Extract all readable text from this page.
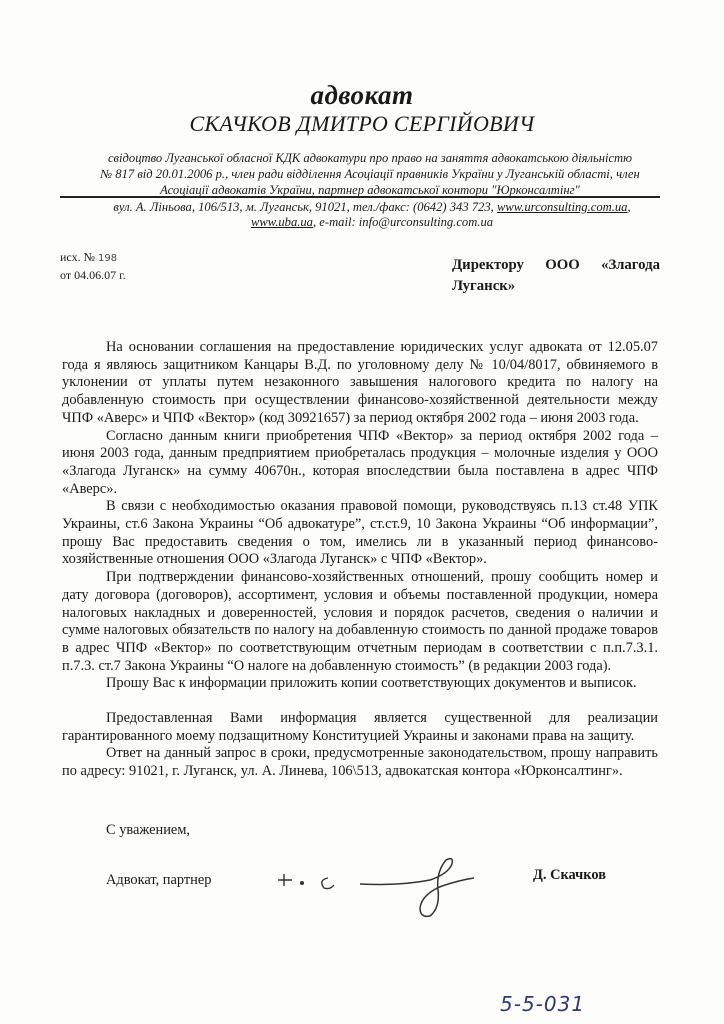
адвокат
СКАЧКОВ ДМИТРО СЕРГІЙОВИЧ
свідоцтво Луганської обласної КДК адвокатури про право на заняття адвокатською діяльністю
№ 817 від 20.01.2006 р., член ради відділення Асоціації правників України у Луганській області, член
Асоціації адвокатів України, партнер адвокатської контори "Юрконсалтінг"
вул. А. Ліньова, 106/513, м. Луганськ, 91021, тел./факс: (0642) 343 723, www.urconsulting.com.ua,
www.uba.ua, e-mail: info@urconsulting.com.ua
исх. № 198
от 04.06.07 г.
Директору ООО «Злагода
Луганск»

На основании соглашения на предоставление юридических услуг адвоката от 12.05.07 года я являюсь защитником Канцары В.Д. по уголовному делу № 10/04/8017, обвиняемого в уклонении от уплаты путем незаконного завышения налогового кредита по налогу на добавленную стоимость при осуществлении финансово-хозяйственной деятельности между ЧПФ «Аверс» и ЧПФ «Вектор» (код 30921657) за период октября 2002 года – июня 2003 года.

Согласно данным книги приобретения ЧПФ «Вектор» за период октября 2002 года – июня 2003 года, данным предприятием приобреталась продукция – молочные изделия у ООО «Злагода Луганск» на сумму 40670н., которая впоследствии была поставлена в адрес ЧПФ «Аверс».

В связи с необходимостью оказания правовой помощи, руководствуясь п.13 ст.48 УПК Украины, ст.6 Закона Украины “Об адвокатуре”, ст.ст.9, 10 Закона Украины “Об информации”, прошу Вас предоставить сведения о том, имелись ли в указанный период финансово-хозяйственные отношения ООО «Злагода Луганск» с ЧПФ «Вектор».

При подтверждении финансово-хозяйственных отношений, прошу сообщить номер и дату договора (договоров), ассортимент, условия и объемы поставленной продукции, номера налоговых накладных и доверенностей, условия и порядок расчетов, сведения о наличии и сумме налоговых обязательств по налогу на добавленную стоимость по данной продаже товаров в адрес ЧПФ «Вектор» по соответствующим отчетным периодам в соответствии с п.п.7.3.1. п.7.3. ст.7 Закона Украины “О налоге на добавленную стоимость” (в редакции 2003 года).

Прошу Вас к информации приложить копии соответствующих документов и выписок.

Предоставленная Вами информация является существенной для реализации гарантированного моему подзащитному Конституцией Украины и законами права на защиту.

Ответ на данный запрос в сроки, предусмотренные законодательством, прошу направить по адресу: 91021, г. Луганск, ул. А. Линева, 106\513, адвокатская контора «Юрконсалтинг».

С уважением,
Адвокат, партнер	Д. Скачков
5-5-031
